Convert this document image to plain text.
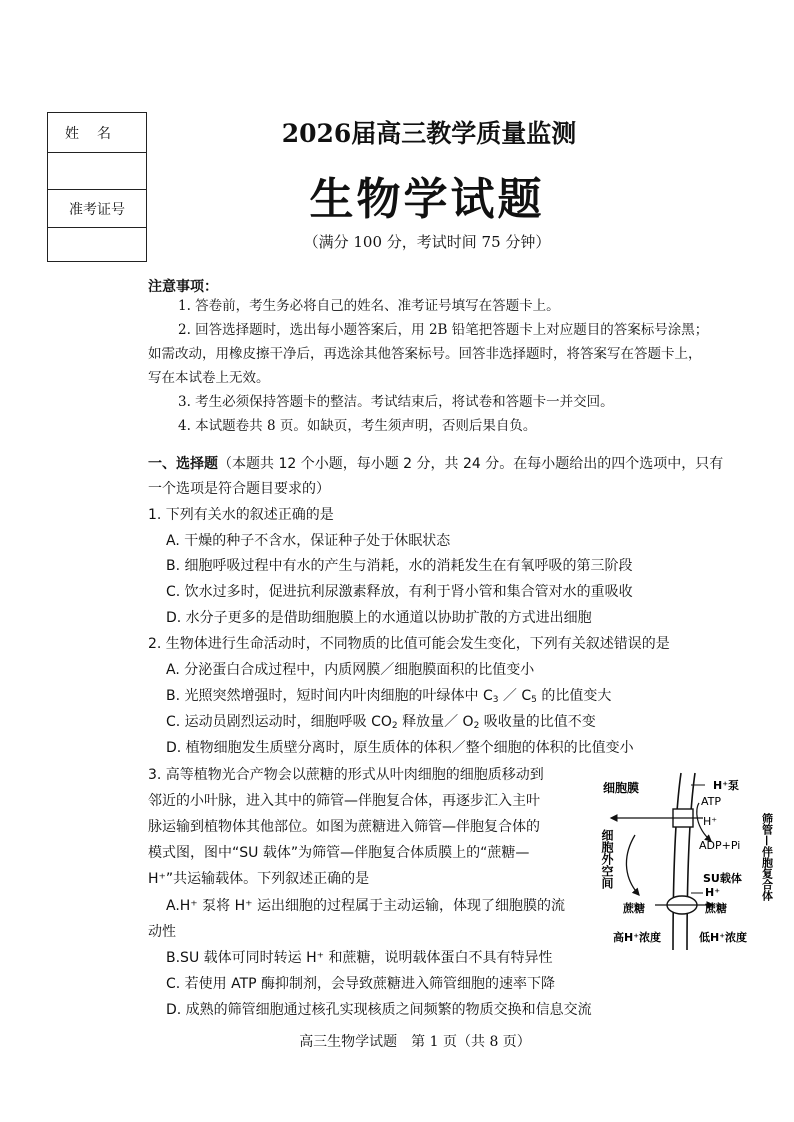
姓名
准考证号
2026届高三教学质量监测
生物学试题
（满分 100 分，考试时间 75 分钟）
注意事项：
1. 答卷前，考生务必将自己的姓名、准考证号填写在答题卡上。
2. 回答选择题时，选出每小题答案后，用 2B 铅笔把答题卡上对应题目的答案标号涂黑；
如需改动，用橡皮擦干净后，再选涂其他答案标号。回答非选择题时，将答案写在答题卡上，
写在本试卷上无效。
3. 考生必须保持答题卡的整洁。考试结束后，将试卷和答题卡一并交回。
4. 本试题卷共 8 页。如缺页，考生须声明，否则后果自负。
一、选择题（本题共 12 个小题，每小题 2 分，共 24 分。在每小题给出的四个选项中，只有
一个选项是符合题目要求的）
1. 下列有关水的叙述正确的是
A. 干燥的种子不含水，保证种子处于休眠状态
B. 细胞呼吸过程中有水的产生与消耗，水的消耗发生在有氧呼吸的第三阶段
C. 饮水过多时，促进抗利尿激素释放，有利于肾小管和集合管对水的重吸收
D. 水分子更多的是借助细胞膜上的水通道以协助扩散的方式进出细胞
2. 生物体进行生命活动时，不同物质的比值可能会发生变化，下列有关叙述错误的是
A. 分泌蛋白合成过程中，内质网膜／细胞膜面积的比值变小
B. 光照突然增强时，短时间内叶肉细胞的叶绿体中 $C_3$ ／ $C_5$ 的比值变大
C. 运动员剧烈运动时，细胞呼吸 $CO_2$ 释放量／ $O_2$ 吸收量的比值不变
D. 植物细胞发生质壁分离时，原生质体的体积／整个细胞的体积的比值变小
3. 高等植物光合产物会以蔗糖的形式从叶肉细胞的细胞质移动到
邻近的小叶脉，进入其中的筛管—伴胞复合体，再逐步汇入主叶
脉运输到植物体其他部位。如图为蔗糖进入筛管—伴胞复合体的
模式图，图中“SU 载体”为筛管—伴胞复合体质膜上的“蔗糖—
H⁺”共运输载体。下列叙述正确的是
A.H⁺ 泵将 H⁺ 运出细胞的过程属于主动运输，体现了细胞膜的流
动性
B.SU 载体可同时转运 H⁺ 和蔗糖，说明载体蛋白不具有特异性
C. 若使用 ATP 酶抑制剂，会导致蔗糖进入筛管细胞的速率下降
D. 成熟的筛管细胞通过核孔实现核质之间频繁的物质交换和信息交流
细胞膜	H⁺泵
ATP
H⁺
ADP+Pi
SU载体
H⁺
蔗糖	蔗糖
高H⁺浓度	低H⁺浓度
细胞外空间	筛管—伴胞复合体
高三生物学试题　第 1 页（共 8 页）
